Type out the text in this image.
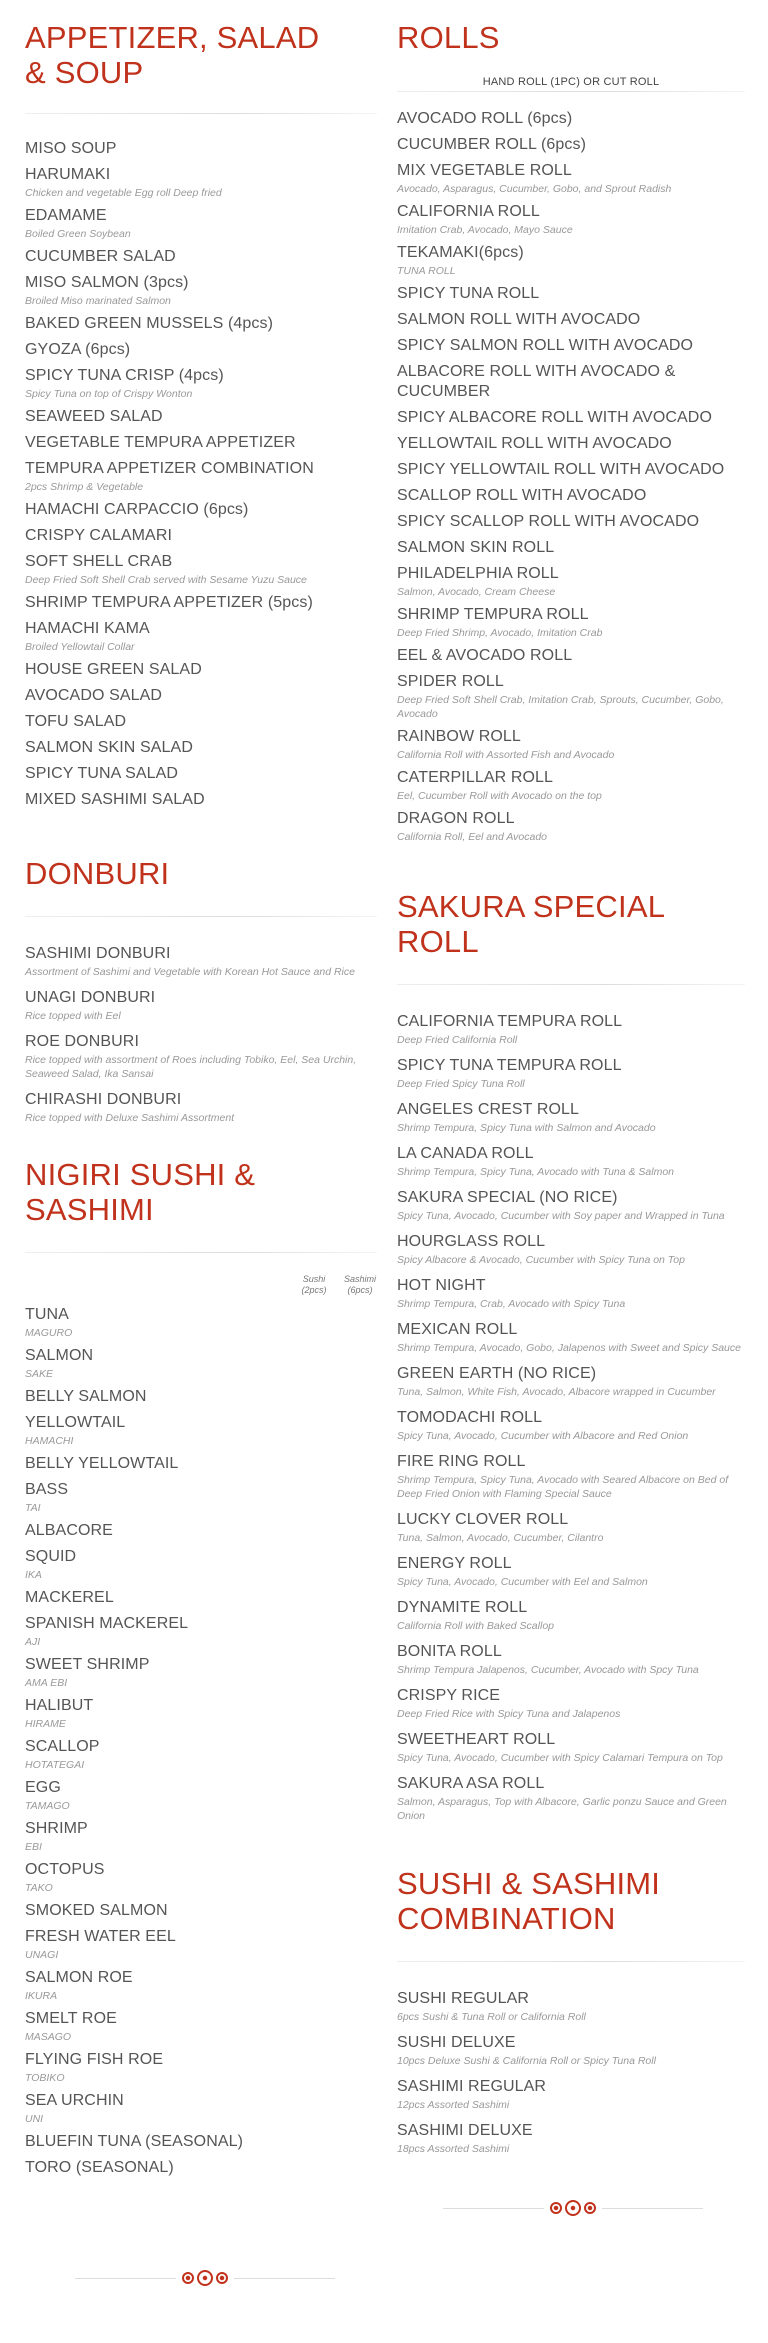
APPETIZER, SALAD & SOUP

MISO SOUP

HARUMAKI

Chicken and vegetable Egg roll Deep fried

EDAMAME

Boiled Green Soybean

CUCUMBER SALAD

MISO SALMON (3pcs)

Broiled Miso marinated Salmon

BAKED GREEN MUSSELS (4pcs)

GYOZA (6pcs)

SPICY TUNA CRISP (4pcs)

Spicy Tuna on top of Crispy Wonton

SEAWEED SALAD

VEGETABLE TEMPURA APPETIZER

TEMPURA APPETIZER COMBINATION

2pcs Shrimp & Vegetable

HAMACHI CARPACCIO (6pcs)

CRISPY CALAMARI

SOFT SHELL CRAB

Deep Fried Soft Shell Crab served with Sesame Yuzu Sauce

SHRIMP TEMPURA APPETIZER (5pcs)

HAMACHI KAMA

Broiled Yellowtail Collar

HOUSE GREEN SALAD

AVOCADO SALAD

TOFU SALAD

SALMON SKIN SALAD

SPICY TUNA SALAD

MIXED SASHIMI SALAD

DONBURI

SASHIMI DONBURI

Assortment of Sashimi and Vegetable with Korean Hot Sauce and Rice

UNAGI DONBURI

Rice topped with Eel

ROE DONBURI

Rice topped with assortment of Roes including Tobiko, Eel, Sea Urchin, Seaweed Salad, Ika Sansai

CHIRASHI DONBURI

Rice topped with Deluxe Sashimi Assortment

NIGIRI SUSHI & SASHIMI
Sushi (2pcs)
Sashimi (6pcs)

TUNA

MAGURO

SALMON

SAKE

BELLY SALMON

YELLOWTAIL

HAMACHI

BELLY YELLOWTAIL

BASS

TAI

ALBACORE

SQUID

IKA

MACKEREL

SPANISH MACKEREL

AJI

SWEET SHRIMP

AMA EBI

HALIBUT

HIRAME

SCALLOP

HOTATEGAI

EGG

TAMAGO

SHRIMP

EBI

OCTOPUS

TAKO

SMOKED SALMON

FRESH WATER EEL

UNAGI

SALMON ROE

IKURA

SMELT ROE

MASAGO

FLYING FISH ROE

TOBIKO

SEA URCHIN

UNI

BLUEFIN TUNA (SEASONAL)

TORO (SEASONAL)

ROLLS

HAND ROLL (1PC) OR CUT ROLL

AVOCADO ROLL (6pcs)

CUCUMBER ROLL (6pcs)

MIX VEGETABLE ROLL

Avocado, Asparagus, Cucumber, Gobo, and Sprout Radish

CALIFORNIA ROLL

Imitation Crab, Avocado, Mayo Sauce

TEKAMAKI(6pcs)

TUNA ROLL

SPICY TUNA ROLL

SALMON ROLL WITH AVOCADO

SPICY SALMON ROLL WITH AVOCADO

ALBACORE ROLL WITH AVOCADO & CUCUMBER

SPICY ALBACORE ROLL WITH AVOCADO

YELLOWTAIL ROLL WITH AVOCADO

SPICY YELLOWTAIL ROLL WITH AVOCADO

SCALLOP ROLL WITH AVOCADO

SPICY SCALLOP ROLL WITH AVOCADO

SALMON SKIN ROLL

PHILADELPHIA ROLL

Salmon, Avocado, Cream Cheese

SHRIMP TEMPURA ROLL

Deep Fried Shrimp, Avocado, Imitation Crab

EEL & AVOCADO ROLL

SPIDER ROLL

Deep Fried Soft Shell Crab, Imitation Crab, Sprouts, Cucumber, Gobo, Avocado

RAINBOW ROLL

California Roll with Assorted Fish and Avocado

CATERPILLAR ROLL

Eel, Cucumber Roll with Avocado on the top

DRAGON ROLL

California Roll, Eel and Avocado

SAKURA SPECIAL ROLL

CALIFORNIA TEMPURA ROLL

Deep Fried California Roll

SPICY TUNA TEMPURA ROLL

Deep Fried Spicy Tuna Roll

ANGELES CREST ROLL

Shrimp Tempura, Spicy Tuna with Salmon and Avocado

LA CANADA ROLL

Shrimp Tempura, Spicy Tuna, Avocado with Tuna & Salmon

SAKURA SPECIAL (NO RICE)

Spicy Tuna, Avocado, Cucumber with Soy paper and Wrapped in Tuna

HOURGLASS ROLL

Spicy Albacore & Avocado, Cucumber with Spicy Tuna on Top

HOT NIGHT

Shrimp Tempura, Crab, Avocado with Spicy Tuna

MEXICAN ROLL

Shrimp Tempura, Avocado, Gobo, Jalapenos with Sweet and Spicy Sauce

GREEN EARTH (NO RICE)

Tuna, Salmon, White Fish, Avocado, Albacore wrapped in Cucumber

TOMODACHI ROLL

Spicy Tuna, Avocado, Cucumber with Albacore and Red Onion

FIRE RING ROLL

Shrimp Tempura, Spicy Tuna, Avocado with Seared Albacore on Bed of Deep Fried Onion with Flaming Special Sauce

LUCKY CLOVER ROLL

Tuna, Salmon, Avocado, Cucumber, Cilantro

ENERGY ROLL

Spicy Tuna, Avocado, Cucumber with Eel and Salmon

DYNAMITE ROLL

California Roll with Baked Scallop

BONITA ROLL

Shrimp Tempura Jalapenos, Cucumber, Avocado with Spcy Tuna

CRISPY RICE

Deep Fried Rice with Spicy Tuna and Jalapenos

SWEETHEART ROLL

Spicy Tuna, Avocado, Cucumber with Spicy Calamari Tempura on Top

SAKURA ASA ROLL

Salmon, Asparagus, Top with Albacore, Garlic ponzu Sauce and Green Onion

SUSHI & SASHIMI COMBINATION

SUSHI REGULAR

6pcs Sushi & Tuna Roll or California Roll

SUSHI DELUXE

10pcs Deluxe Sushi & California Roll or Spicy Tuna Roll

SASHIMI REGULAR

12pcs Assorted Sashimi

SASHIMI DELUXE

18pcs Assorted Sashimi
